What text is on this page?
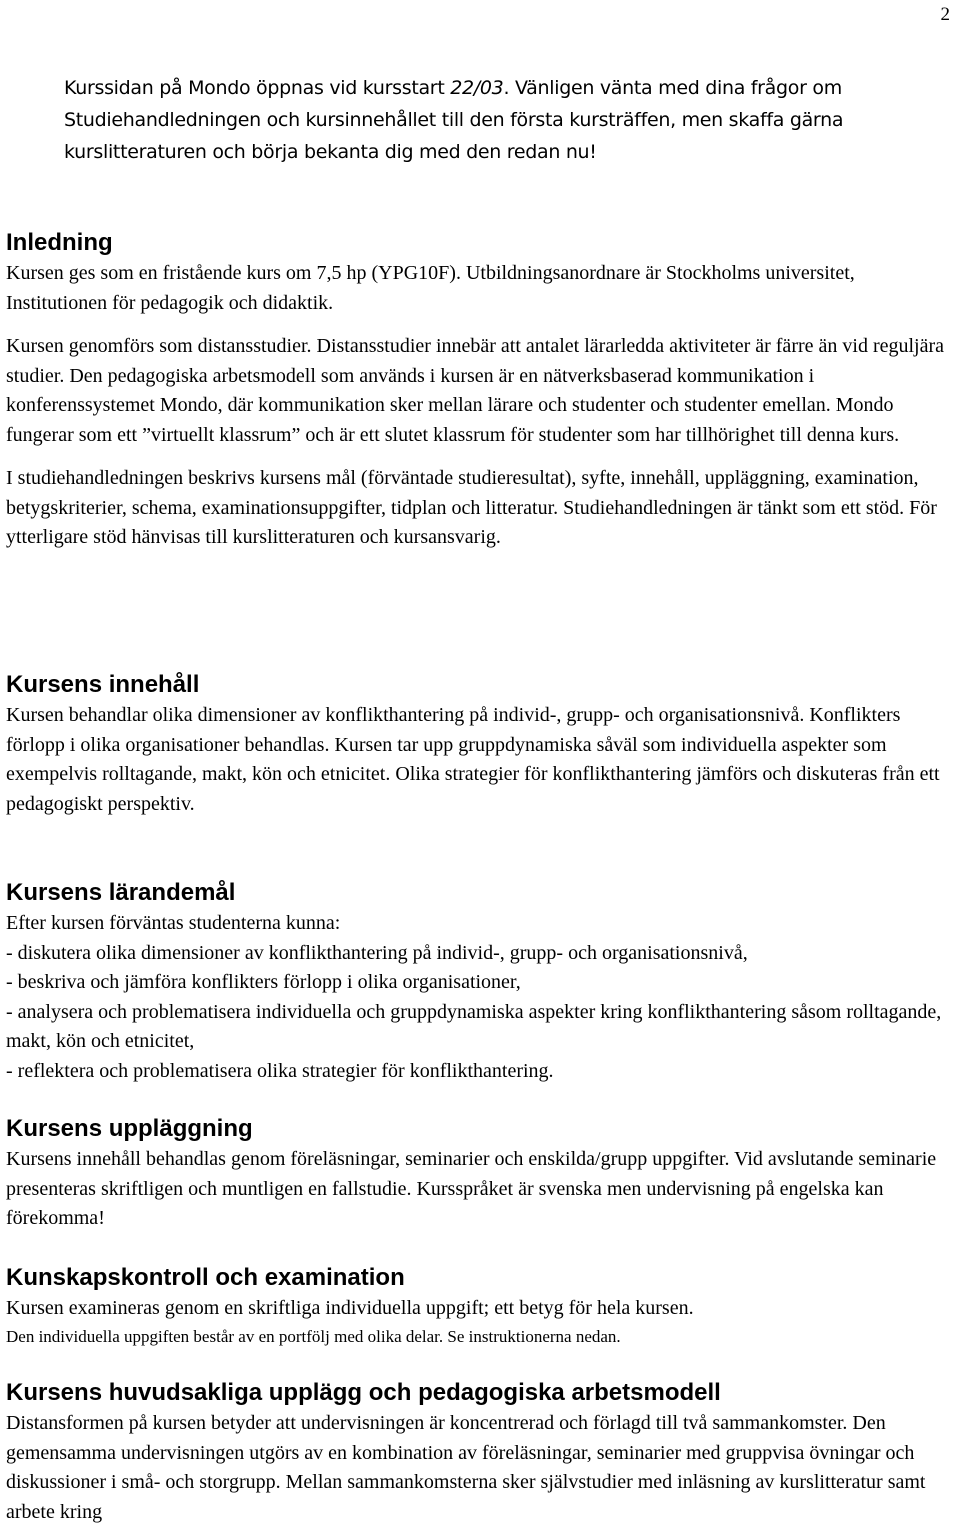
2
Kurssidan på Mondo öppnas vid kursstart 22/03. Vänligen vänta med dina frågor om Studiehandledningen och kursinnehållet till den första kursträffen, men skaffa gärna kurslitteraturen och börja bekanta dig med den redan nu!
Inledning

Kursen ges som en fristående kurs om 7,5 hp (YPG10F). Utbildningsanordnare är Stockholms universitet, Institutionen för pedagogik och didaktik.

Kursen genomförs som distansstudier. Distansstudier innebär att antalet lärarledda aktiviteter är färre än vid reguljära studier. Den pedagogiska arbetsmodell som används i kursen är en nätverksbaserad kommunikation i konferenssystemet Mondo, där kommunikation sker mellan lärare och studenter och studenter emellan. Mondo fungerar som ett ”virtuellt klassrum” och är ett slutet klassrum för studenter som har tillhörighet till denna kurs.

I studiehandledningen beskrivs kursens mål (förväntade studieresultat), syfte, innehåll, uppläggning, examination, betygskriterier, schema, examinationsuppgifter, tidplan och litteratur. Studiehandledningen är tänkt som ett stöd. För ytterligare stöd hänvisas till kurslitteraturen och kursansvarig.

Kursens innehåll

Kursen behandlar olika dimensioner av konflikthantering på individ-, grupp- och organisationsnivå. Konflikters förlopp i olika organisationer behandlas. Kursen tar upp gruppdynamiska såväl som individuella aspekter som exempelvis rolltagande, makt, kön och etnicitet. Olika strategier för konflikthantering jämförs och diskuteras från ett pedagogiskt perspektiv.

Kursens lärandemål

Efter kursen förväntas studenterna kunna:

- diskutera olika dimensioner av konflikthantering på individ-, grupp- och organisationsnivå,

- beskriva och jämföra konflikters förlopp i olika organisationer,

- analysera och problematisera individuella och gruppdynamiska aspekter kring konflikthantering såsom rolltagande, makt, kön och etnicitet,

- reflektera och problematisera olika strategier för konflikthantering.

Kursens uppläggning

Kursens innehåll behandlas genom föreläsningar, seminarier och enskilda/grupp uppgifter. Vid avslutande seminarie presenteras skriftligen och muntligen en fallstudie. Kursspråket är svenska men undervisning på engelska kan förekomma!

Kunskapskontroll och examination

Kursen examineras genom en skriftliga individuella uppgift; ett betyg för hela kursen.

Den individuella uppgiften består av en portfölj med olika delar. Se instruktionerna nedan.

Kursens huvudsakliga upplägg och pedagogiska arbetsmodell

Distansformen på kursen betyder att undervisningen är koncentrerad och förlagd till två sammankomster. Den gemensamma undervisningen utgörs av en kombination av föreläsningar, seminarier med gruppvisa övningar och diskussioner i små- och storgrupp. Mellan sammankomsterna sker självstudier med inläsning av kurslitteratur samt arbete kring
